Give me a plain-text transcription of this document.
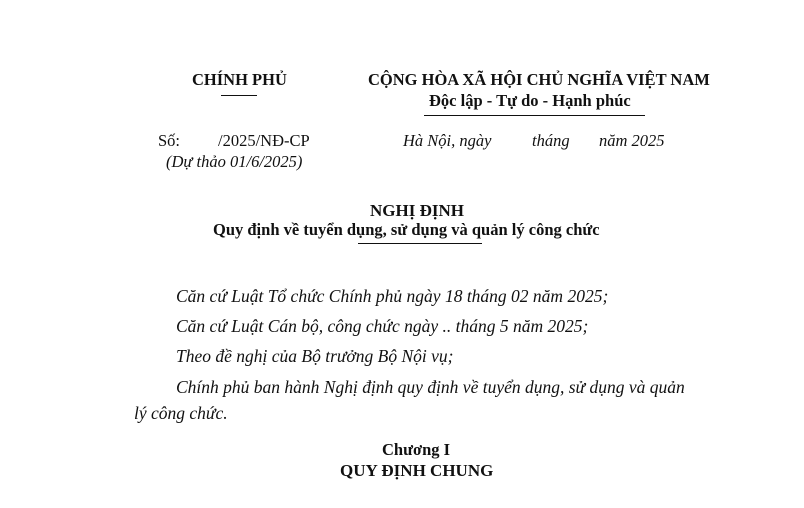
CHÍNH PHỦ	CỘNG HÒA XÃ HỘI CHỦ NGHĨA VIỆT NAM
Độc lập - Tự do - Hạnh phúc
Số: /2025/NĐ-CP
(Dự thảo 01/6/2025)
Hà Nội, ngày tháng năm 2025
NGHỊ ĐỊNH
Quy định về tuyển dụng, sử dụng và quản lý công chức
Căn cứ Luật Tổ chức Chính phủ ngày 18 tháng 02 năm 2025;
Căn cứ Luật Cán bộ, công chức ngày .. tháng 5 năm 2025;
Theo đề nghị của Bộ trưởng Bộ Nội vụ;
Chính phủ ban hành Nghị định quy định về tuyển dụng, sử dụng và quản
lý công chức.
Chương I
QUY ĐỊNH CHUNG
